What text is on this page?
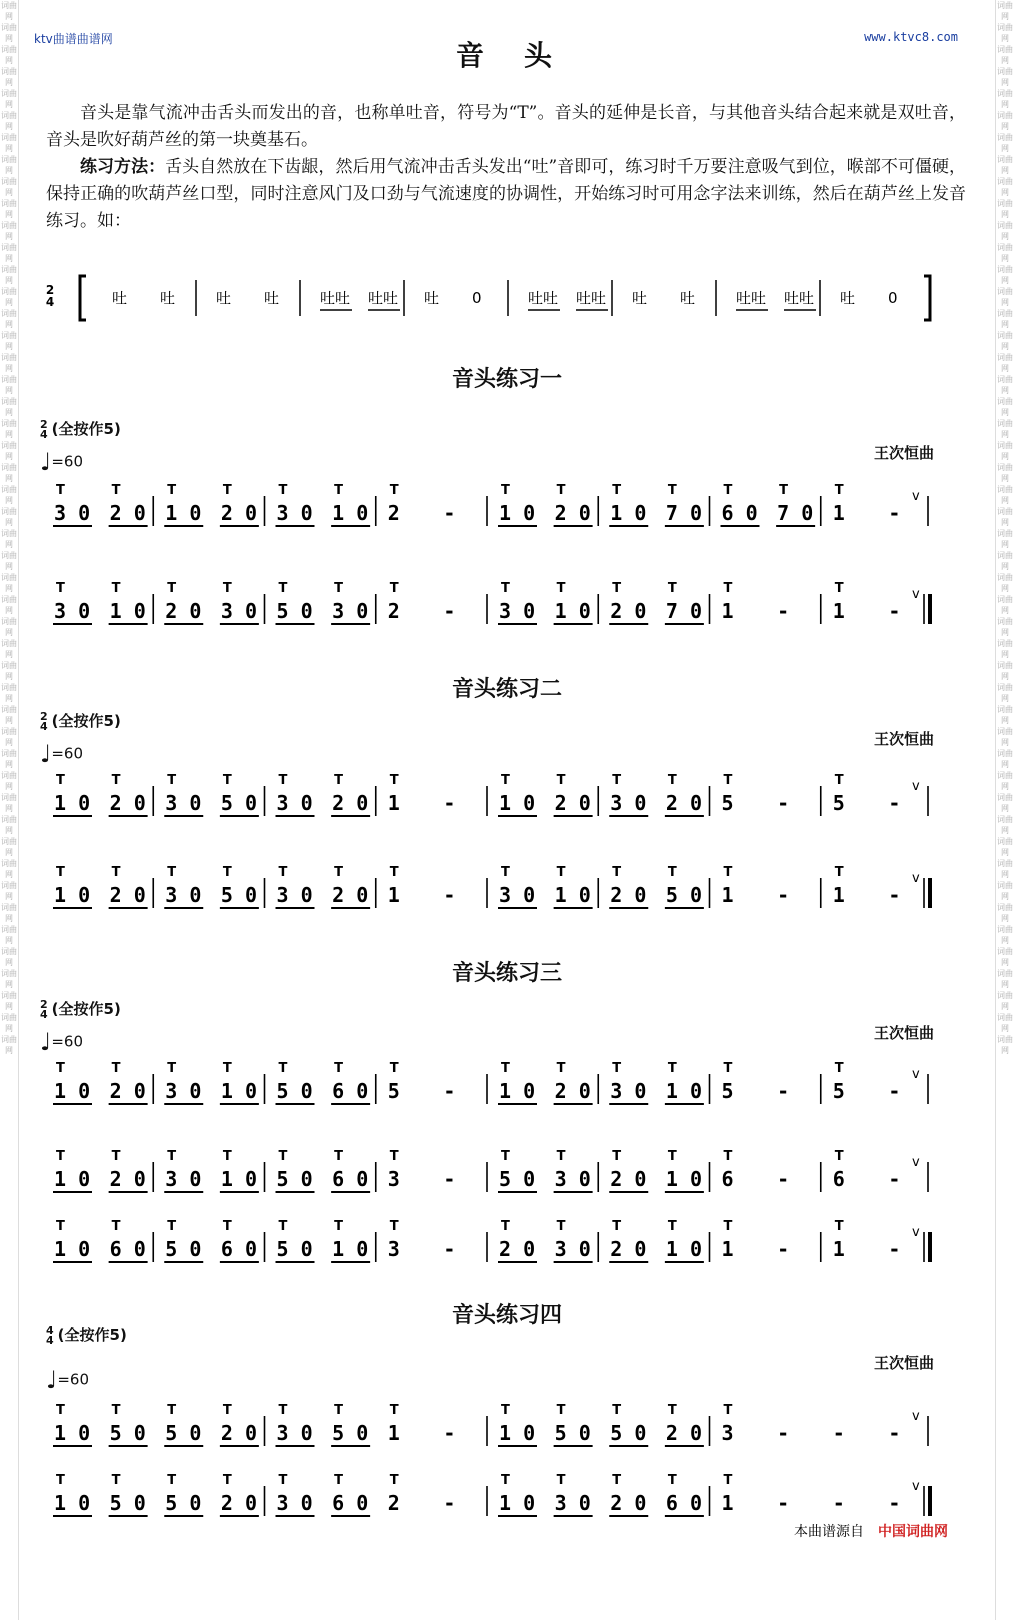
词曲网
词曲网
词曲网
词曲网
词曲网
词曲网
词曲网
词曲网
词曲网
词曲网
词曲网
词曲网
词曲网
词曲网
词曲网
词曲网
词曲网
词曲网
词曲网
词曲网
词曲网
词曲网
词曲网
词曲网
词曲网
词曲网
词曲网
词曲网
词曲网
词曲网
词曲网
词曲网
词曲网
词曲网
词曲网
词曲网
词曲网
词曲网
词曲网
词曲网
词曲网
词曲网
词曲网
词曲网
词曲网
词曲网
词曲网
词曲网
词曲网
词曲网
词曲网
词曲网
词曲网
词曲网
词曲网
词曲网
词曲网
词曲网
词曲网
词曲网
词曲网
词曲网
词曲网
词曲网
词曲网
词曲网
词曲网
词曲网
词曲网
词曲网
词曲网
词曲网
词曲网
词曲网
词曲网
词曲网
词曲网
词曲网
词曲网
词曲网
词曲网
词曲网
词曲网
词曲网
词曲网
词曲网
词曲网
词曲网
词曲网
词曲网
词曲网
词曲网
词曲网
词曲网
词曲网
词曲网
ktv曲谱曲谱网	www.ktvc8.com
音　头

音头是靠气流冲击舌头而发出的音，也称单吐音，符号为“T”。音头的延伸是长音，与其他音头结合起来就是双吐音，音头是吹好葫芦丝的第一块奠基石。

练习方法：舌头自然放在下齿龈，然后用气流冲击舌头发出“吐”音即可，练习时千万要注意吸气到位，喉部不可僵硬，保持正确的吹葫芦丝口型，同时注意风门及口劲与气流速度的协调性，开始练习时可用念字法来训练，然后在葫芦丝上发音练习。如：

2
4	吐 吐	吐 吐	吐吐 吐吐 吐 0	吐吐 吐吐 吐 吐	吐吐 吐吐 吐 0
音头练习一
2
4 (全按作5)
♩=60	王次恒曲
T
3 0
T
2 0
T
1 0
T
2 0
T
3 0
T
1 0
T
2 -
T
1 0
T
2 0
T
1 0
T
7 0
T
6 0
T
7 0
T
1 -
v
T
3 0
T
1 0
T
2 0
T
3 0
T
5 0
T
3 0
T
2 -
T
3 0
T
1 0
T
2 0
T
7 0
T
1 -
T
1 -
v
音头练习二
2
4 (全按作5)
♩=60
王次恒曲
T
1 0
T
2 0
T
3 0
T
5 0
T
3 0
T
2 0
T
1 -
T
1 0
T
2 0
T
3 0
T
2 0
T
5 -
T
5 -
v
T
1 0
T
2 0
T
3 0
T
5 0
T
3 0
T
2 0
T
1 -
T
3 0
T
1 0
T
2 0
T
5 0
T
1 -
T
1 -
v
音头练习三
2
4 (全按作5)
♩=60	王次恒曲
T
1 0
T
2 0
T
3 0
T
1 0
T
5 0
T
6 0
T
5 -
T
1 0
T
2 0
T
3 0
T
1 0
T
5 -
T
5 -
v
T
1 0
T
2 0
T
3 0
T
1 0
T
5 0
T
6 0
T
3 -
T
5 0
T
3 0
T
2 0
T
1 0
T
6 -
T
6 -
v
T
1 0
T
6 0
T
5 0
T
6 0
T
5 0
T
1 0
T
3 -
T
2 0
T
3 0
T
2 0
T
1 0
T
1 -
T
1 -
v
音头练习四
4
4 (全按作5)
♩=60
王次恒曲
T
1 0
T
5 0
T
5 0
T
2 0
T
3 0
T
5 0
T
1 -
T
1 0
T
5 0
T
5 0
T
2 0
T
3 - - -
v
T
1 0
T
5 0
T
5 0
T
2 0
T
3 0
T
6 0
T
2 -
T
1 0
T
3 0
T
2 0
T
6 0
T
1 - - -
v
本曲谱源自 中国词曲网
